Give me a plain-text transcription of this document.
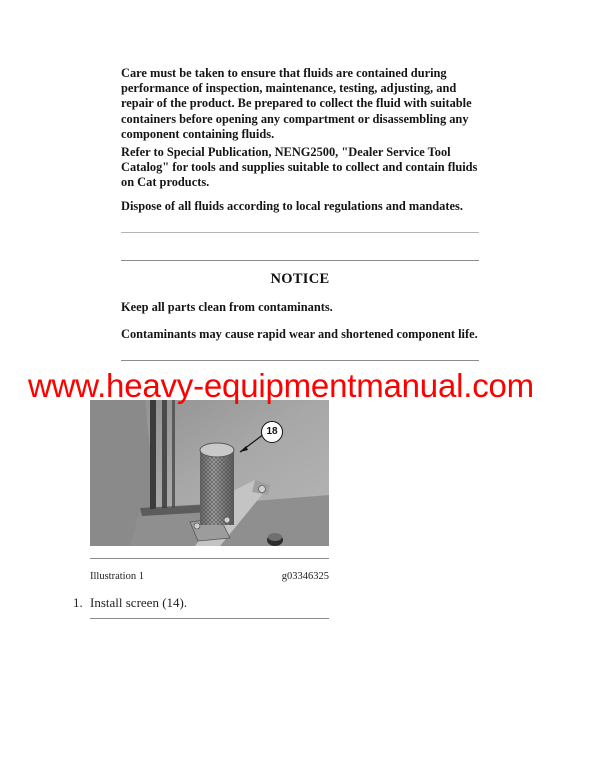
Care must be taken to ensure that fluids are contained during performance of inspection, maintenance, testing, adjusting, and repair of the product. Be prepared to collect the fluid with suitable containers before opening any compartment or disassembling any component containing fluids.
Refer to Special Publication, NENG2500, "Dealer Service Tool Catalog" for tools and supplies suitable to collect and contain fluids on Cat products.
Dispose of all fluids according to local regulations and mandates.
NOTICE
Keep all parts clean from contaminants.
Contaminants may cause rapid wear and shortened component life.
18
www.heavy-equipmentmanual.com
Illustration 1	g03346325
1. Install screen (14).
